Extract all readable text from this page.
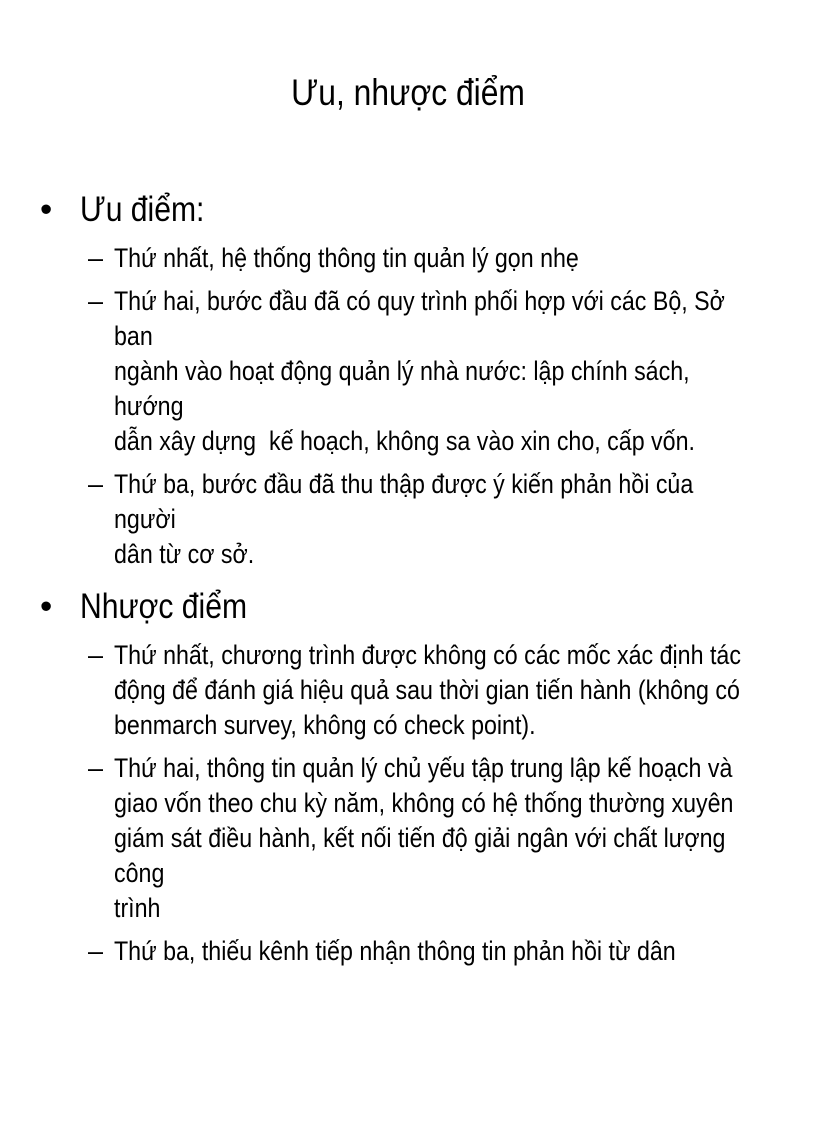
Ưu, nhược điểm
• Ưu điểm:
– Thứ nhất, hệ thống thông tin quản lý gọn nhẹ
– Thứ hai, bước đầu đã có quy trình phối hợp với các Bộ, Sở ban
ngành vào hoạt động quản lý nhà nước: lập chính sách, hướng
dẫn xây dựng  kế hoạch, không sa vào xin cho, cấp vốn.
– Thứ ba, bước đầu đã thu thập được ý kiến phản hồi của người
dân từ cơ sở.
• Nhược điểm
– Thứ nhất, chương trình được không có các mốc xác định tác
động để đánh giá hiệu quả sau thời gian tiến hành (không có
benmarch survey, không có check point).
– Thứ hai, thông tin quản lý chủ yếu tập trung lập kế hoạch và
giao vốn theo chu kỳ năm, không có hệ thống thường xuyên
giám sát điều hành, kết nối tiến độ giải ngân với chất lượng công
trình
– Thứ ba, thiếu kênh tiếp nhận thông tin phản hồi từ dân
